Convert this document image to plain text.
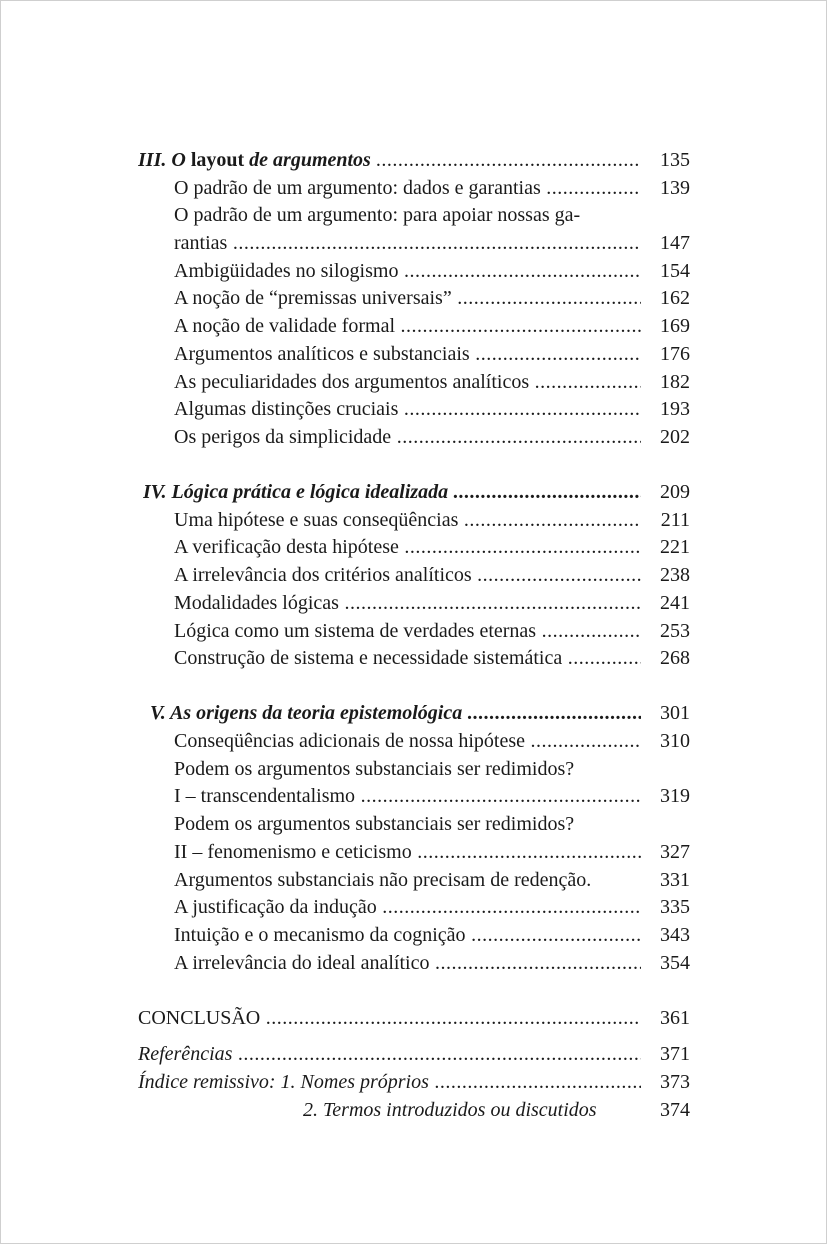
III. O layout de argumentos .....	135
O padrão de um argumento: dados e garantias .....	139
O padrão de um argumento: para apoiar nossas ga-
rantias .....	147
Ambigüidades no silogismo .....	154
A noção de “premissas universais” .....	162
A noção de validade formal .....	169
Argumentos analíticos e substanciais .....	176
As peculiaridades dos argumentos analíticos .....	182
Algumas distinções cruciais .....	193
Os perigos da simplicidade .....	202
IV. Lógica prática e lógica idealizada .....	209
Uma hipótese e suas conseqüências .....	211
A verificação desta hipótese .....	221
A irrelevância dos critérios analíticos .....	238
Modalidades lógicas .....	241
Lógica como um sistema de verdades eternas .....	253
Construção de sistema e necessidade sistemática .....	268
V. As origens da teoria epistemológica .....	301
Conseqüências adicionais de nossa hipótese .....	310
Podem os argumentos substanciais ser redimidos?
I – transcendentalismo .....	319
Podem os argumentos substanciais ser redimidos?
II – fenomenismo e ceticismo .....	327
Argumentos substanciais não precisam de redenção.	331
A justificação da indução .....	335
Intuição e o mecanismo da cognição .....	343
A irrelevância do ideal analítico .....	354
CONCLUSÃO .....	361
Referências .....	371
Índice remissivo: 1. Nomes próprios .....	373
2. Termos introduzidos ou discutidos	374
